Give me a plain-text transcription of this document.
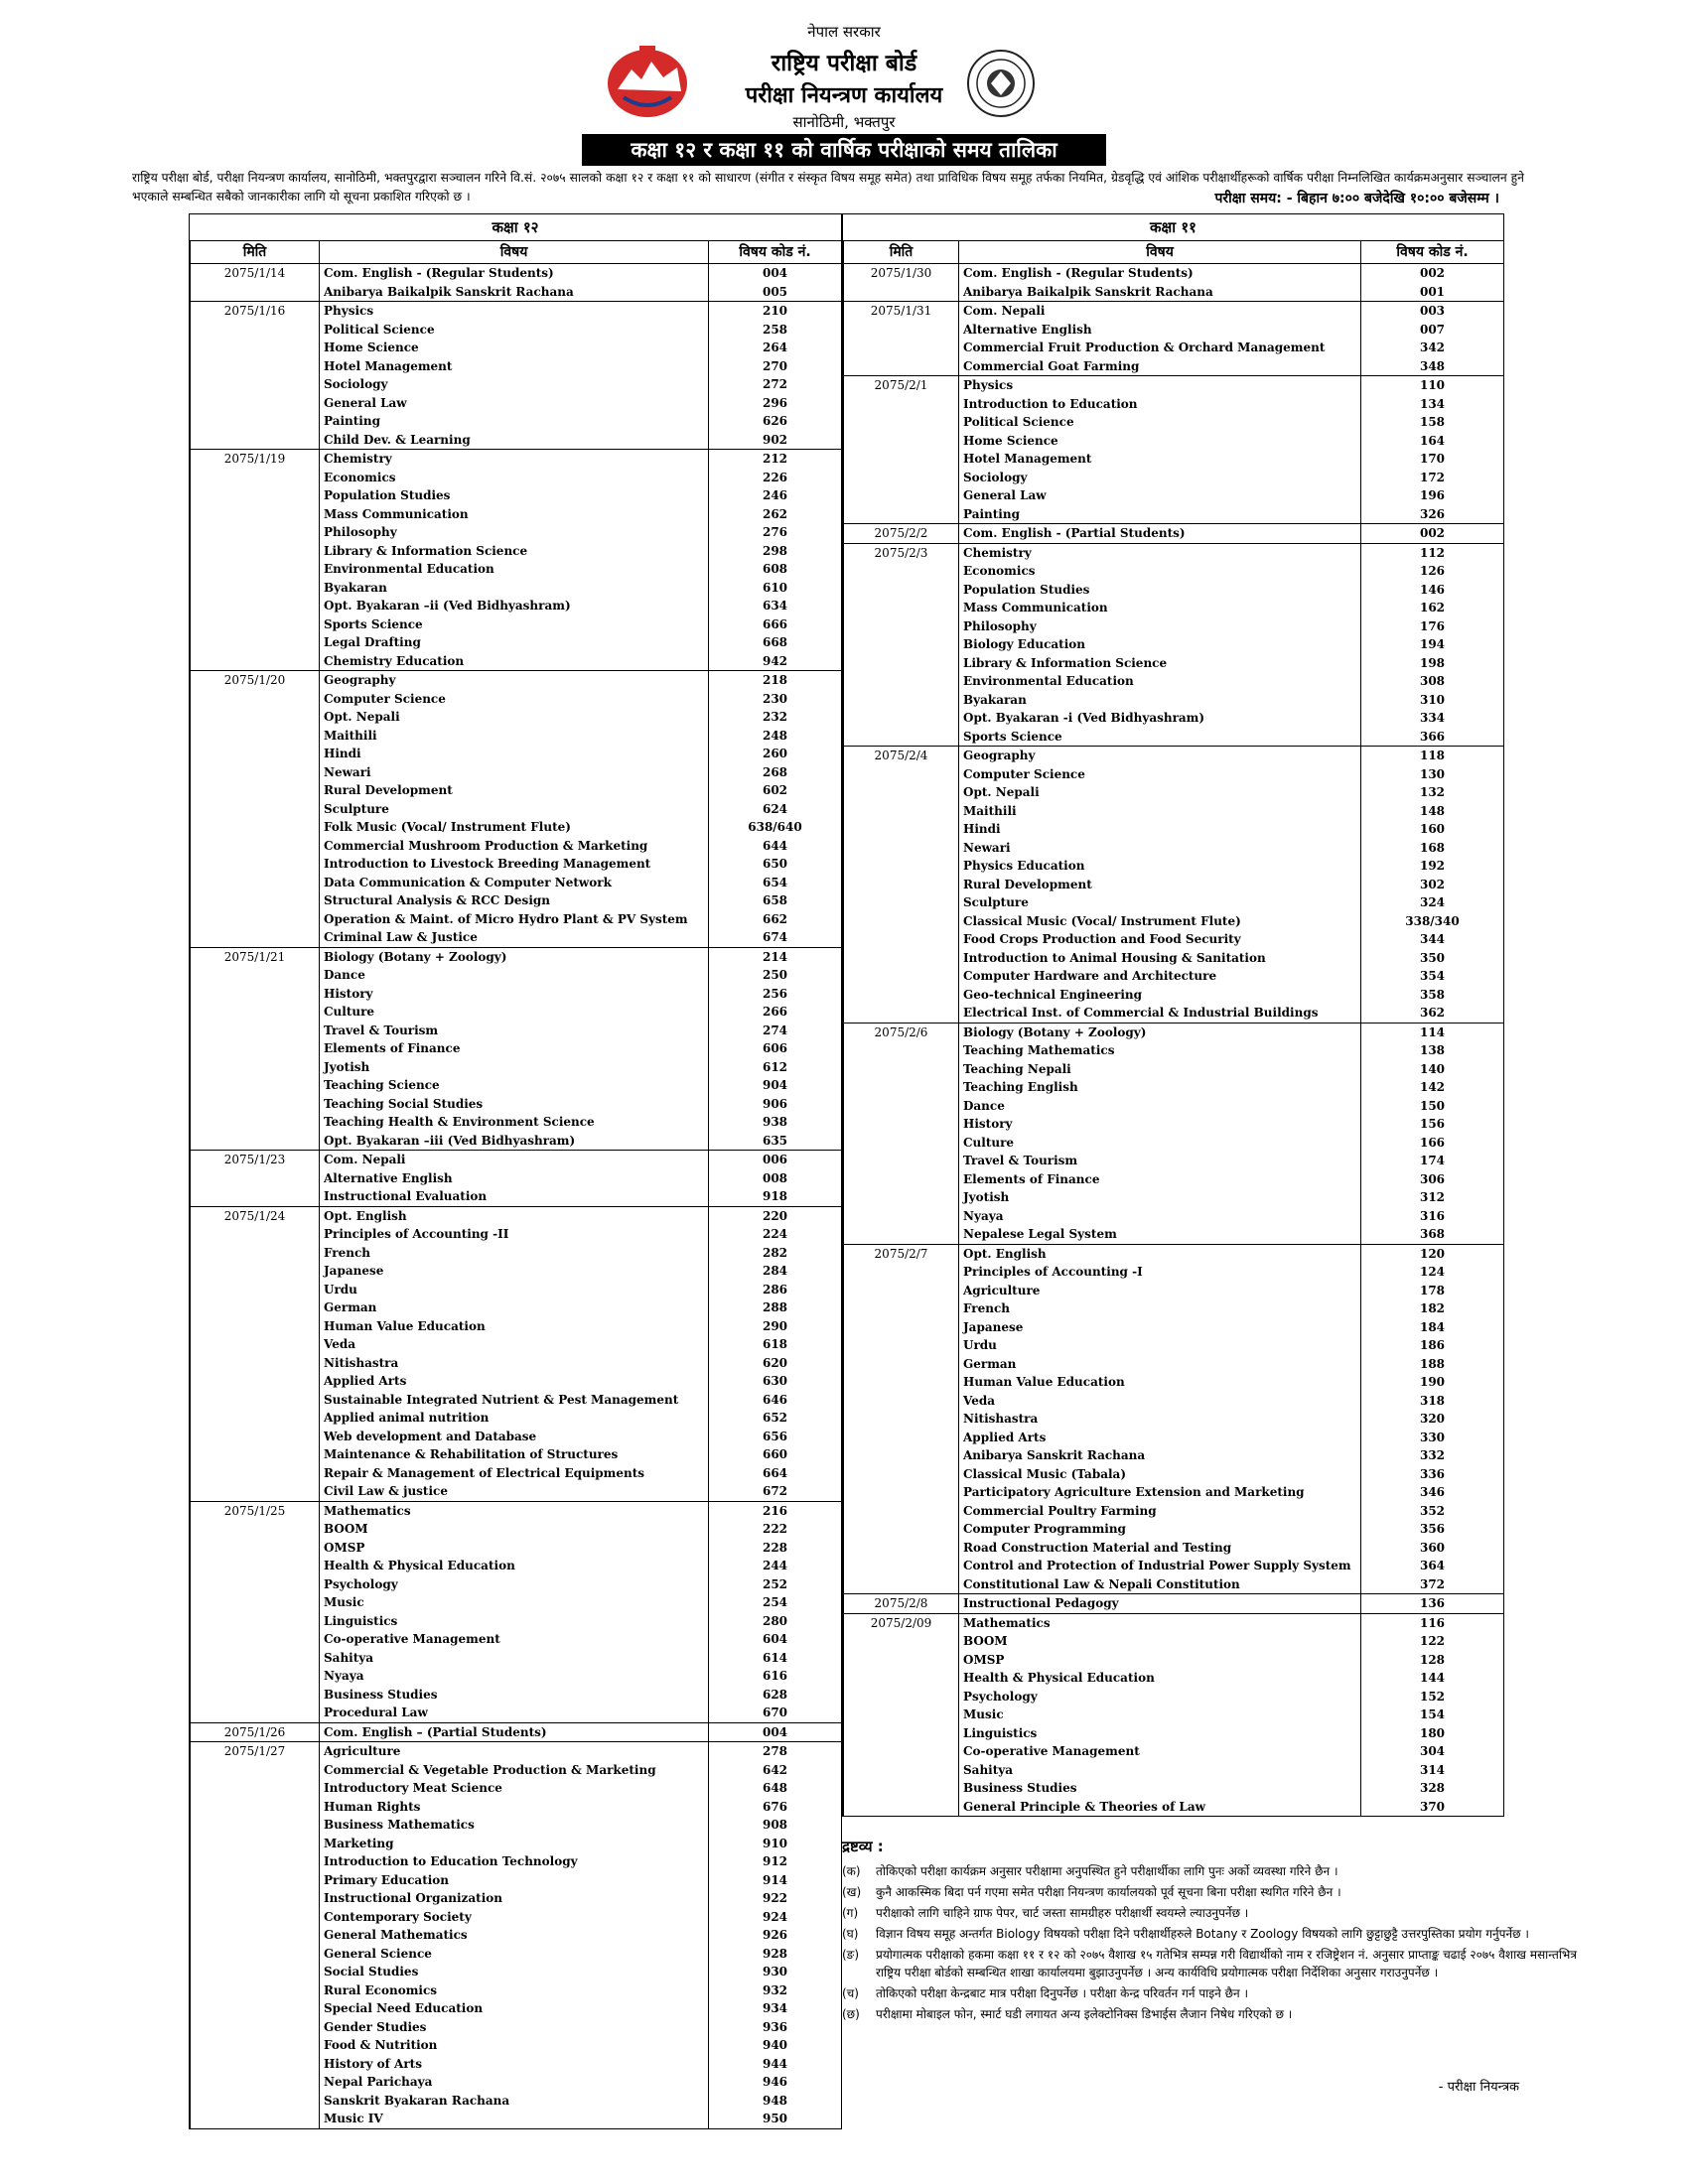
नेपाल सरकार
राष्ट्रिय परीक्षा बोर्ड
परीक्षा नियन्त्रण कार्यालय
सानोठिमी, भक्तपुर
कक्षा १२ र कक्षा ११ को वार्षिक परीक्षाको समय तालिका
राष्ट्रिय परीक्षा बोर्ड, परीक्षा नियन्त्रण कार्यालय, सानोठिमी, भक्तपुरद्वारा सञ्चालन गरिने वि.सं. २०७५ सालको कक्षा १२ र कक्षा ११ को साधारण (संगीत र संस्कृत विषय समूह समेत) तथा प्राविधिक विषय समूह तर्फका नियमित, ग्रेडवृद्धि एवं आंशिक परीक्षार्थीहरूको वार्षिक परीक्षा निम्नलिखित कार्यक्रमअनुसार सञ्चालन हुने भएकाले सम्बन्धित सबैको जानकारीका लागि यो सूचना प्रकाशित गरिएको छ ।	परीक्षा समय: - बिहान ७:०० बजेदेखि १०:०० बजेसम्म ।
कक्षा १२
मिति	विषय	विषय कोड नं.
2075/1/14	Com. English - (Regular Students)	004
	Anibarya Baikalpik Sanskrit Rachana	005
2075/1/16	Physics	210
	Political Science	258
	Home Science	264
	Hotel Management	270
	Sociology	272
	General Law	296
	Painting	626
	Child Dev. & Learning	902
2075/1/19	Chemistry	212
	Economics	226
	Population Studies	246
	Mass Communication	262
	Philosophy	276
	Library & Information Science	298
	Environmental Education	608
	Byakaran	610
	Opt. Byakaran –ii (Ved Bidhyashram)	634
	Sports Science	666
	Legal Drafting	668
	Chemistry Education	942
2075/1/20	Geography	218
	Computer Science	230
	Opt. Nepali	232
	Maithili	248
	Hindi	260
	Newari	268
	Rural Development	602
	Sculpture	624
	Folk Music (Vocal/ Instrument Flute)	638/640
	Commercial Mushroom Production & Marketing	644
	Introduction to Livestock Breeding Management	650
	Data Communication & Computer Network	654
	Structural Analysis & RCC Design	658
	Operation & Maint. of Micro Hydro Plant & PV System	662
	Criminal Law & Justice	674
2075/1/21	Biology (Botany + Zoology)	214
	Dance	250
	History	256
	Culture	266
	Travel & Tourism	274
	Elements of Finance	606
	Jyotish	612
	Teaching Science	904
	Teaching Social Studies	906
	Teaching Health & Environment Science	938
	Opt. Byakaran –iii (Ved Bidhyashram)	635
2075/1/23	Com. Nepali	006
	Alternative English	008
	Instructional Evaluation	918
2075/1/24	Opt. English	220
	Principles of Accounting -II	224
	French	282
	Japanese	284
	Urdu	286
	German	288
	Human Value Education	290
	Veda	618
	Nitishastra	620
	Applied Arts	630
	Sustainable Integrated Nutrient & Pest Management	646
	Applied animal nutrition	652
	Web development and Database	656
	Maintenance & Rehabilitation of Structures	660
	Repair & Management of Electrical Equipments	664
	Civil Law & justice	672
2075/1/25	Mathematics	216
	BOOM	222
	OMSP	228
	Health & Physical Education	244
	Psychology	252
	Music	254
	Linguistics	280
	Co-operative Management	604
	Sahitya	614
	Nyaya	616
	Business Studies	628
	Procedural Law	670
2075/1/26	Com. English – (Partial Students)	004
2075/1/27	Agriculture	278
	Commercial & Vegetable Production & Marketing	642
	Introductory Meat Science	648
	Human Rights	676
	Business Mathematics	908
	Marketing	910
	Introduction to Education Technology	912
	Primary Education	914
	Instructional Organization	922
	Contemporary Society	924
	General Mathematics	926
	General Science	928
	Social Studies	930
	Rural Economics	932
	Special Need Education	934
	Gender Studies	936
	Food & Nutrition	940
	History of Arts	944
	Nepal Parichaya	946
	Sanskrit Byakaran Rachana	948
	Music IV	950
कक्षा ११
मिति	विषय	विषय कोड नं.
2075/1/30	Com. English - (Regular Students)	002
	Anibarya Baikalpik Sanskrit Rachana	001
2075/1/31	Com. Nepali	003
	Alternative English	007
	Commercial Fruit Production & Orchard Management	342
	Commercial Goat Farming	348
2075/2/1	Physics	110
	Introduction to Education	134
	Political Science	158
	Home Science	164
	Hotel Management	170
	Sociology	172
	General Law	196
	Painting	326
2075/2/2	Com. English - (Partial Students)	002
2075/2/3	Chemistry	112
	Economics	126
	Population Studies	146
	Mass Communication	162
	Philosophy	176
	Biology Education	194
	Library & Information Science	198
	Environmental Education	308
	Byakaran	310
	Opt. Byakaran -i (Ved Bidhyashram)	334
	Sports Science	366
2075/2/4	Geography	118
	Computer Science	130
	Opt. Nepali	132
	Maithili	148
	Hindi	160
	Newari	168
	Physics Education	192
	Rural Development	302
	Sculpture	324
	Classical Music (Vocal/ Instrument Flute)	338/340
	Food Crops Production and Food Security	344
	Introduction to Animal Housing & Sanitation	350
	Computer Hardware and Architecture	354
	Geo-technical Engineering	358
	Electrical Inst. of Commercial & Industrial Buildings	362
2075/2/6	Biology (Botany + Zoology)	114
	Teaching Mathematics	138
	Teaching Nepali	140
	Teaching English	142
	Dance	150
	History	156
	Culture	166
	Travel & Tourism	174
	Elements of Finance	306
	Jyotish	312
	Nyaya	316
	Nepalese Legal System	368
2075/2/7	Opt. English	120
	Principles of Accounting -I	124
	Agriculture	178
	French	182
	Japanese	184
	Urdu	186
	German	188
	Human Value Education	190
	Veda	318
	Nitishastra	320
	Applied Arts	330
	Anibarya Sanskrit Rachana	332
	Classical Music (Tabala)	336
	Participatory Agriculture Extension and Marketing	346
	Commercial Poultry Farming	352
	Computer Programming	356
	Road Construction Material and Testing	360
	Control and Protection of Industrial Power Supply System	364
	Constitutional Law & Nepali Constitution	372
2075/2/8	Instructional Pedagogy	136
2075/2/09	Mathematics	116
	BOOM	122
	OMSP	128
	Health & Physical Education	144
	Psychology	152
	Music	154
	Linguistics	180
	Co-operative Management	304
	Sahitya	314
	Business Studies	328
	General Principle & Theories of Law	370
द्रष्टव्य :
(क)	तोकिएको परीक्षा कार्यक्रम अनुसार परीक्षामा अनुपस्थित हुने परीक्षार्थीका लागि पुनः अर्को व्यवस्था गरिने छैन ।
(ख)	कुनै आकस्मिक बिदा पर्न गएमा समेत परीक्षा नियन्त्रण कार्यालयको पूर्व सूचना बिना परीक्षा स्थगित गरिने छैन ।
(ग)	परीक्षाको लागि चाहिने ग्राफ पेपर, चार्ट जस्ता सामग्रीहरु परीक्षार्थी स्वयम्ले ल्याउनुपर्नेछ ।
(घ)	विज्ञान विषय समूह अन्तर्गत Biology विषयको परीक्षा दिने परीक्षार्थीहरुले Botany र Zoology विषयको लागि छुट्टाछुट्टै उत्तरपुस्तिका प्रयोग गर्नुपर्नेछ ।
(ङ)	प्रयोगात्मक परीक्षाको हकमा कक्षा ११ र १२ को २०७५ वैशाख १५ गतेभित्र सम्पन्न गरी विद्यार्थीको नाम र रजिष्ट्रेशन नं. अनुसार प्राप्ताङ्क चढाई २०७५ वैशाख मसान्तभित्र राष्ट्रिय परीक्षा बोर्डको सम्बन्धित शाखा कार्यालयमा बुझाउनुपर्नेछ । अन्य कार्यविधि प्रयोगात्मक परीक्षा निर्देशिका अनुसार गराउनुपर्नेछ ।
(च)	तोकिएको परीक्षा केन्द्रबाट मात्र परीक्षा दिनुपर्नेछ । परीक्षा केन्द्र परिवर्तन गर्न पाइने छैन ।
(छ)	परीक्षामा मोबाइल फोन, स्मार्ट घडी लगायत अन्य इलेक्टोनिक्स डिभाईस लैजान निषेध गरिएको छ ।
- परीक्षा नियन्त्रक
